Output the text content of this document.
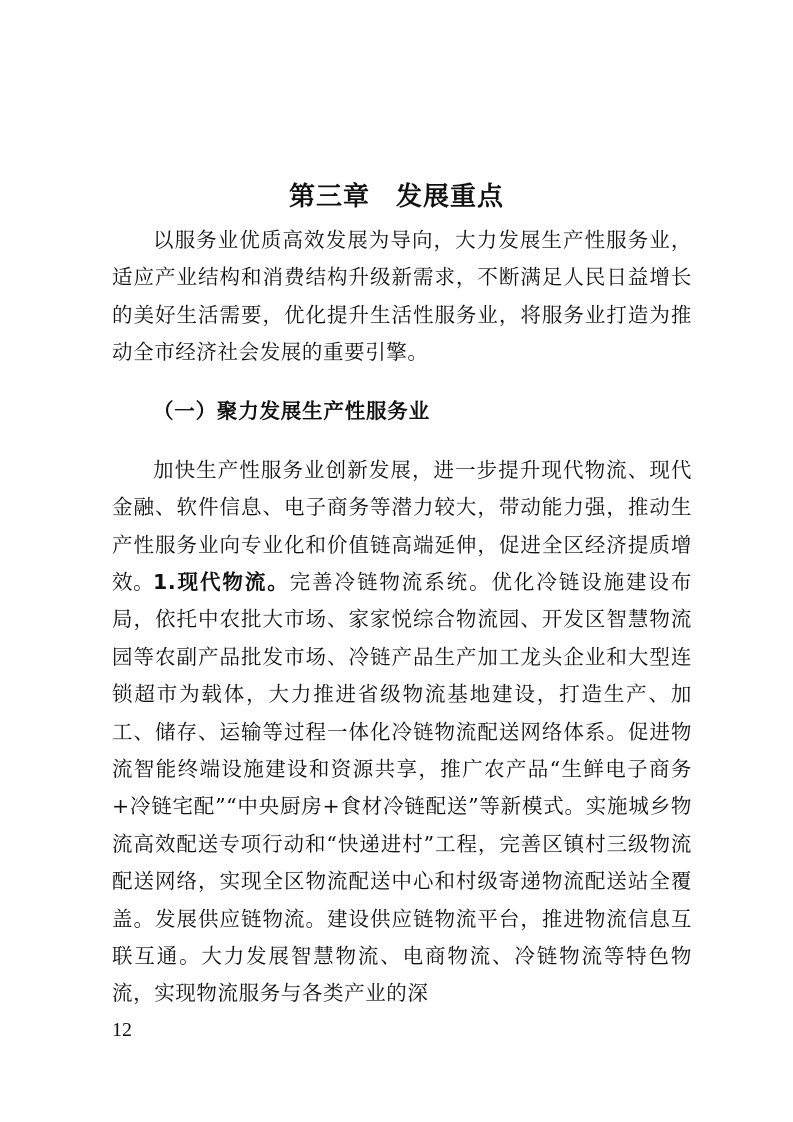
第三章 发展重点

以服务业优质高效发展为导向，大力发展生产性服务业，适应产业结构和消费结构升级新需求，不断满足人民日益增长的美好生活需要，优化提升生活性服务业，将服务业打造为推动全市经济社会发展的重要引擎。

（一）聚力发展生产性服务业

加快生产性服务业创新发展，进一步提升现代物流、现代金融、软件信息、电子商务等潜力较大，带动能力强，推动生产性服务业向专业化和价值链高端延伸，促进全区经济提质增效。

1.现代物流。完善冷链物流系统。优化冷链设施建设布局，依托中农批大市场、家家悦综合物流园、开发区智慧物流园等农副产品批发市场、冷链产品生产加工龙头企业和大型连锁超市为载体，大力推进省级物流基地建设，打造生产、加工、储存、运输等过程一体化冷链物流配送网络体系。促进物流智能终端设施建设和资源共享，推广农产品“生鲜电子商务+冷链宅配”“中央厨房+食材冷链配送”等新模式。实施城乡物流高效配送专项行动和“快递进村”工程，完善区镇村三级物流配送网络，实现全区物流配送中心和村级寄递物流配送站全覆盖。发展供应链物流。建设供应链物流平台，推进物流信息互联互通。大力发展智慧物流、电商物流、冷链物流等特色物流，实现物流服务与各类产业的深

12
